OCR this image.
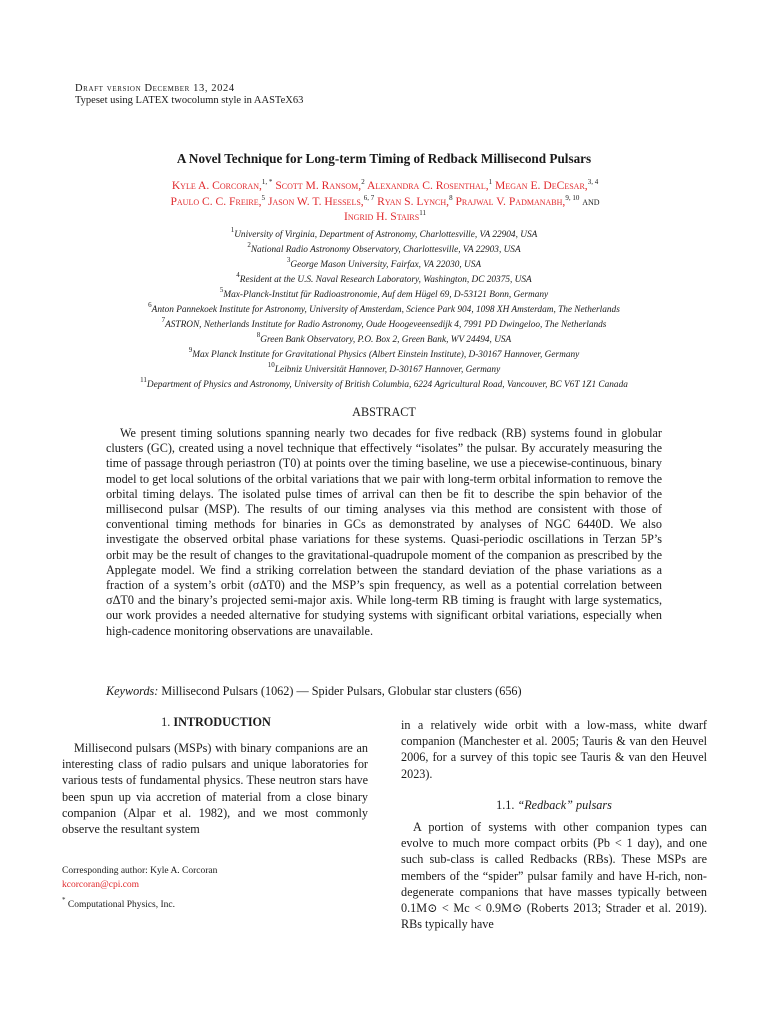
Draft version December 13, 2024
Typeset using LATEX twocolumn style in AASTeX63
A Novel Technique for Long-term Timing of Redback Millisecond Pulsars
Kyle A. Corcoran,$^{1, *}$ Scott M. Ransom,$^2$ Alexandra C. Rosenthal,$^1$ Megan E. DeCesar,$^{3, 4}$
Paulo C. C. Freire,$^5$ Jason W. T. Hessels,$^{6, 7}$ Ryan S. Lynch,$^8$ Prajwal V. Padmanabh,$^{9, 10}$ and
Ingrid H. Stairs$^{11}$
$^1$University of Virginia, Department of Astronomy, Charlottesville, VA 22904, USA
$^2$National Radio Astronomy Observatory, Charlottesville, VA 22903, USA
$^3$George Mason University, Fairfax, VA 22030, USA
$^4$Resident at the U.S. Naval Research Laboratory, Washington, DC 20375, USA
$^5$Max-Planck-Institut für Radioastronomie, Auf dem Hügel 69, D-53121 Bonn, Germany
$^6$Anton Pannekoek Institute for Astronomy, University of Amsterdam, Science Park 904, 1098 XH Amsterdam, The Netherlands
$^7$ASTRON, Netherlands Institute for Radio Astronomy, Oude Hoogeveensedijk 4, 7991 PD Dwingeloo, The Netherlands
$^8$Green Bank Observatory, P.O. Box 2, Green Bank, WV 24494, USA
$^9$Max Planck Institute for Gravitational Physics (Albert Einstein Institute), D-30167 Hannover, Germany
$^{10}$Leibniz Universität Hannover, D-30167 Hannover, Germany
$^{11}$Department of Physics and Astronomy, University of British Columbia, 6224 Agricultural Road, Vancouver, BC V6T 1Z1 Canada
ABSTRACT
We present timing solutions spanning nearly two decades for five redback (RB) systems found in globular clusters (GC), created using a novel technique that effectively “isolates” the pulsar. By accurately measuring the time of passage through periastron (T0) at points over the timing baseline, we use a piecewise-continuous, binary model to get local solutions of the orbital variations that we pair with long-term orbital information to remove the orbital timing delays. The isolated pulse times of arrival can then be fit to describe the spin behavior of the millisecond pulsar (MSP). The results of our timing analyses via this method are consistent with those of conventional timing methods for binaries in GCs as demonstrated by analyses of NGC 6440D. We also investigate the observed orbital phase variations for these systems. Quasi-periodic oscillations in Terzan 5P’s orbit may be the result of changes to the gravitational-quadrupole moment of the companion as prescribed by the Applegate model. We find a striking correlation between the standard deviation of the phase variations as a fraction of a system’s orbit (σΔT0) and the MSP’s spin frequency, as well as a potential correlation between σΔT0 and the binary’s projected semi-major axis. While long-term RB timing is fraught with large systematics, our work provides a needed alternative for studying systems with significant orbital variations, especially when high-cadence monitoring observations are unavailable.
Keywords: Millisecond Pulsars (1062) — Spider Pulsars, Globular star clusters (656)
1. INTRODUCTION
Millisecond pulsars (MSPs) with binary companions are an interesting class of radio pulsars and unique laboratories for various tests of fundamental physics. These neutron stars have been spun up via accretion of material from a close binary companion (Alpar et al. 1982), and we most commonly observe the resultant system
in a relatively wide orbit with a low-mass, white dwarf companion (Manchester et al. 2005; Tauris & van den Heuvel 2006, for a survey of this topic see Tauris & van den Heuvel 2023).
1.1. “Redback” pulsars
A portion of systems with other companion types can evolve to much more compact orbits (Pb < 1 day), and one such sub-class is called Redbacks (RBs). These MSPs are members of the “spider” pulsar family and have H-rich, non-degenerate companions that have masses typically between 0.1M⊙ < Mc < 0.9M⊙ (Roberts 2013; Strader et al. 2019). RBs typically have
Corresponding author: Kyle A. Corcoran
kcorcoran@cpi.com
* Computational Physics, Inc.
